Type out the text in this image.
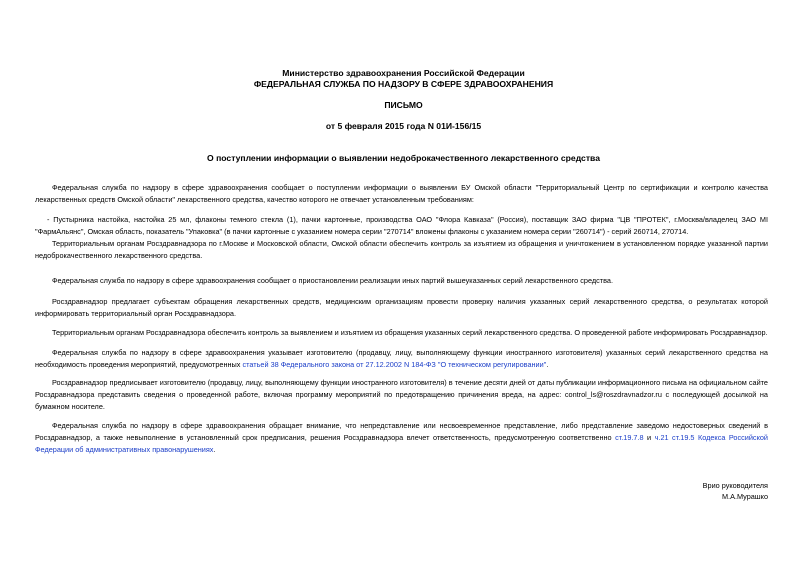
Министерство здравоохранения Российской Федерации
ФЕДЕРАЛЬНАЯ СЛУЖБА ПО НАДЗОРУ В СФЕРЕ ЗДРАВООХРАНЕНИЯ
ПИСЬМО
от 5 февраля 2015 года N 01И-156/15
О поступлении информации о выявлении недоброкачественного лекарственного средства
Федеральная служба по надзору в сфере здравоохранения сообщает о поступлении информации о выявлении БУ Омской области "Территориальный Центр по сертификации и контролю качества лекарственных средств Омской области" лекарственного средства, качество которого не отвечает установленным требованиям:
- Пустырника настойка, настойка 25 мл, флаконы темного стекла (1), пачки картонные, производства ОАО "Флора Кавказа" (Россия), поставщик ЗАО фирма "ЦВ "ПРОТЕК", г.Москва/владелец ЗАО МI "ФармАльянс", Омская область, показатель "Упаковка" (в пачки картонные с указанием номера серии "270714" вложены флаконы с указанием номера серии "260714") - серий 260714, 270714.
Территориальным органам Росздравнадзора по г.Москве и Московской области, Омской области обеспечить контроль за изъятием из обращения и уничтожением в установленном порядке указанной партии недоброкачественного лекарственного средства.
Федеральная служба по надзору в сфере здравоохранения сообщает о приостановлении реализации иных партий вышеуказанных серий лекарственного средства.
Росздравнадзор предлагает субъектам обращения лекарственных средств, медицинским организациям провести проверку наличия указанных серий лекарственного средства, о результатах которой информировать территориальный орган Росздравнадзора.
Территориальным органам Росздравнадзора обеспечить контроль за выявлением и изъятием из обращения указанных серий лекарственного средства. О проведенной работе информировать Росздравнадзор.
Федеральная служба по надзору в сфере здравоохранения указывает изготовителю (продавцу, лицу, выполняющему функции иностранного изготовителя) указанных серий лекарственного средства на необходимость проведения мероприятий, предусмотренных статьей 38 Федерального закона от 27.12.2002 N 184-ФЗ "О техническом регулировании".
Росздравнадзор предписывает изготовителю (продавцу, лицу, выполняющему функции иностранного изготовителя) в течение десяти дней от даты публикации информационного письма на официальном сайте Росздравнадзора представить сведения о проведенной работе, включая программу мероприятий по предотвращению причинения вреда, на адрес: control_ls@roszdravnadzor.ru с последующей досылкой на бумажном носителе.
Федеральная служба по надзору в сфере здравоохранения обращает внимание, что непредставление или несвоевременное представление, либо представление заведомо недостоверных сведений в Росздравнадзор, а также невыполнение в установленный срок предписания, решения Росздравнадзора влечет ответственность, предусмотренную соответственно ст.19.7.8 и ч.21 ст.19.5 Кодекса Российской Федерации об административных правонарушениях.
Врио руководителя
М.А.Мурашко
